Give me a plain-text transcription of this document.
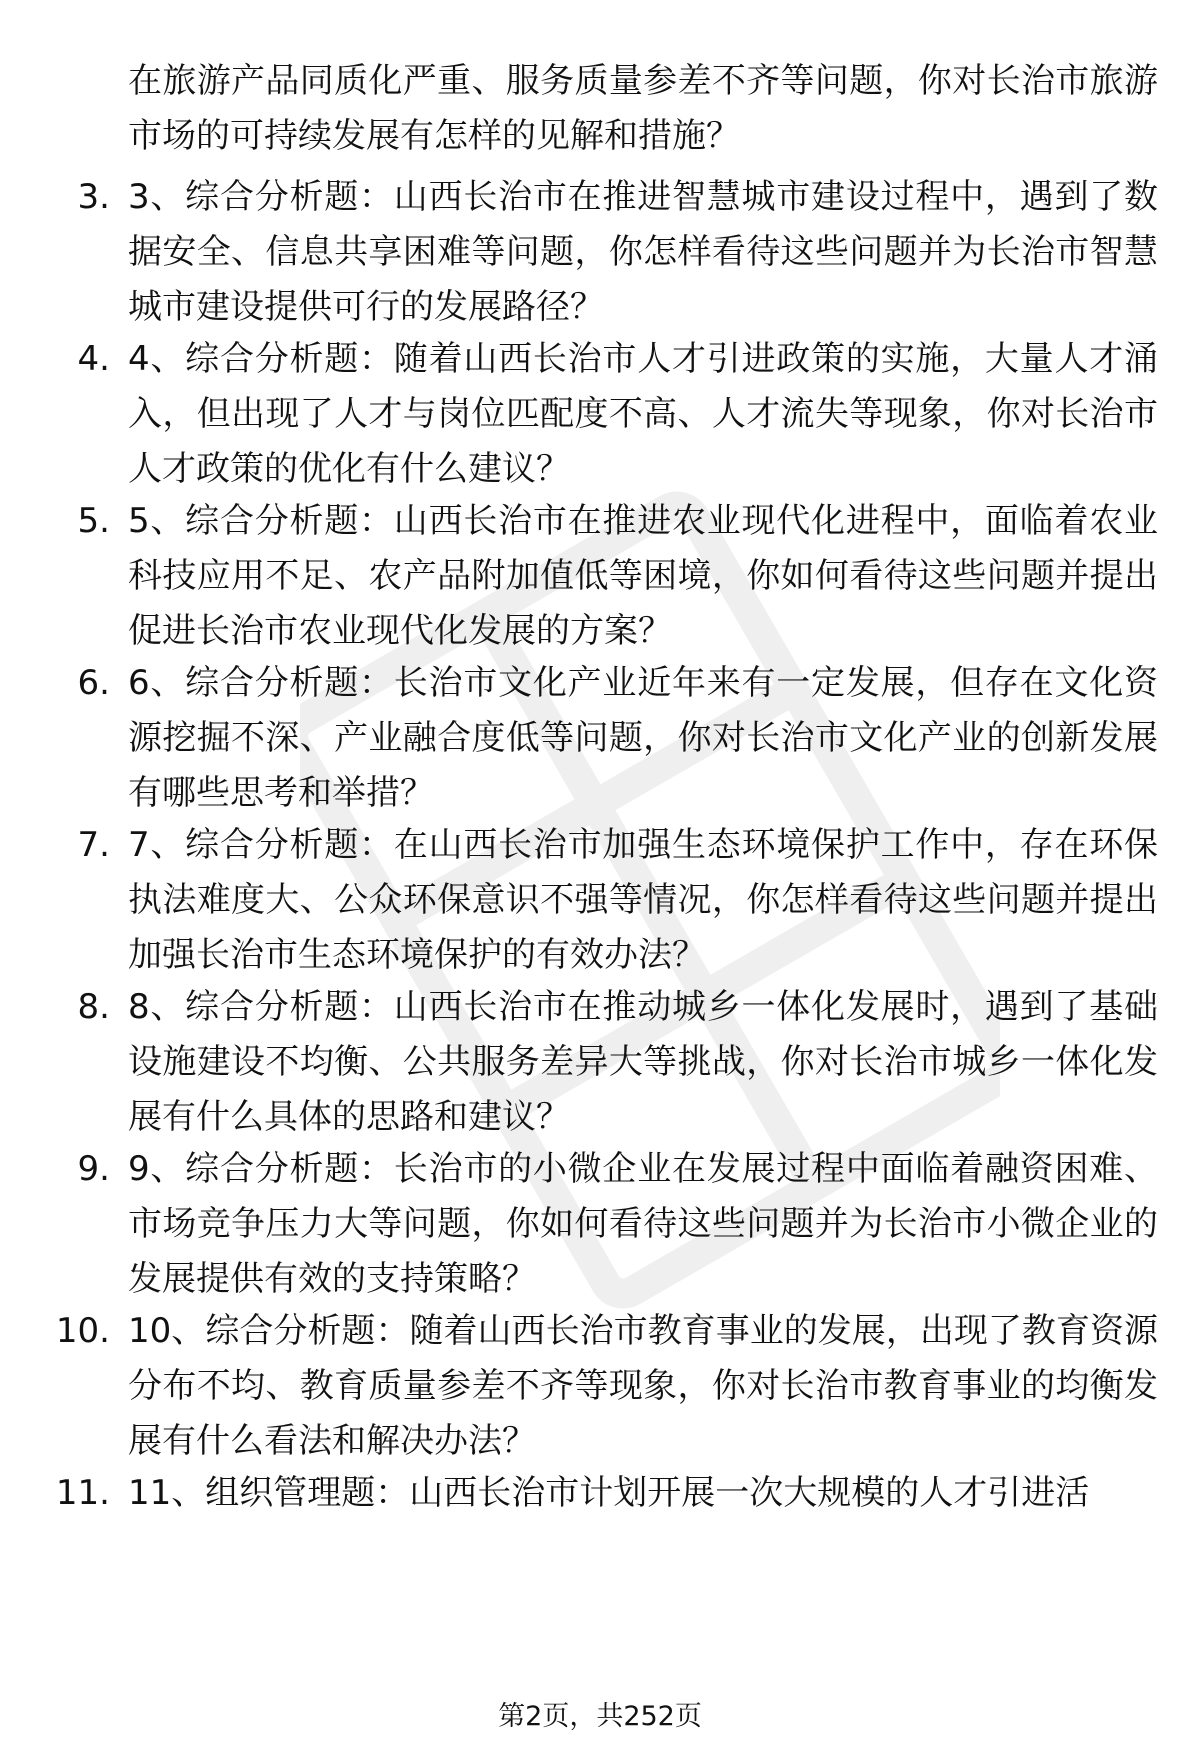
在旅游产品同质化严重、服务质量参差不齐等问题，你对长治市旅游市场的可持续发展有怎样的见解和措施？
3. 3、综合分析题：山西长治市在推进智慧城市建设过程中，遇到了数据安全、信息共享困难等问题，你怎样看待这些问题并为长治市智慧城市建设提供可行的发展路径？
4. 4、综合分析题：随着山西长治市人才引进政策的实施，大量人才涌入，但出现了人才与岗位匹配度不高、人才流失等现象，你对长治市人才政策的优化有什么建议？
5. 5、综合分析题：山西长治市在推进农业现代化进程中，面临着农业科技应用不足、农产品附加值低等困境，你如何看待这些问题并提出促进长治市农业现代化发展的方案？
6. 6、综合分析题：长治市文化产业近年来有一定发展，但存在文化资源挖掘不深、产业融合度低等问题，你对长治市文化产业的创新发展有哪些思考和举措？
7. 7、综合分析题：在山西长治市加强生态环境保护工作中，存在环保执法难度大、公众环保意识不强等情况，你怎样看待这些问题并提出加强长治市生态环境保护的有效办法？
8. 8、综合分析题：山西长治市在推动城乡一体化发展时，遇到了基础设施建设不均衡、公共服务差异大等挑战，你对长治市城乡一体化发展有什么具体的思路和建议？
9. 9、综合分析题：长治市的小微企业在发展过程中面临着融资困难、市场竞争压力大等问题，你如何看待这些问题并为长治市小微企业的发展提供有效的支持策略？
10. 10、综合分析题：随着山西长治市教育事业的发展，出现了教育资源分布不均、教育质量参差不齐等现象，你对长治市教育事业的均衡发展有什么看法和解决办法？
11. 11、组织管理题：山西长治市计划开展一次大规模的人才引进活
第2页，共252页
